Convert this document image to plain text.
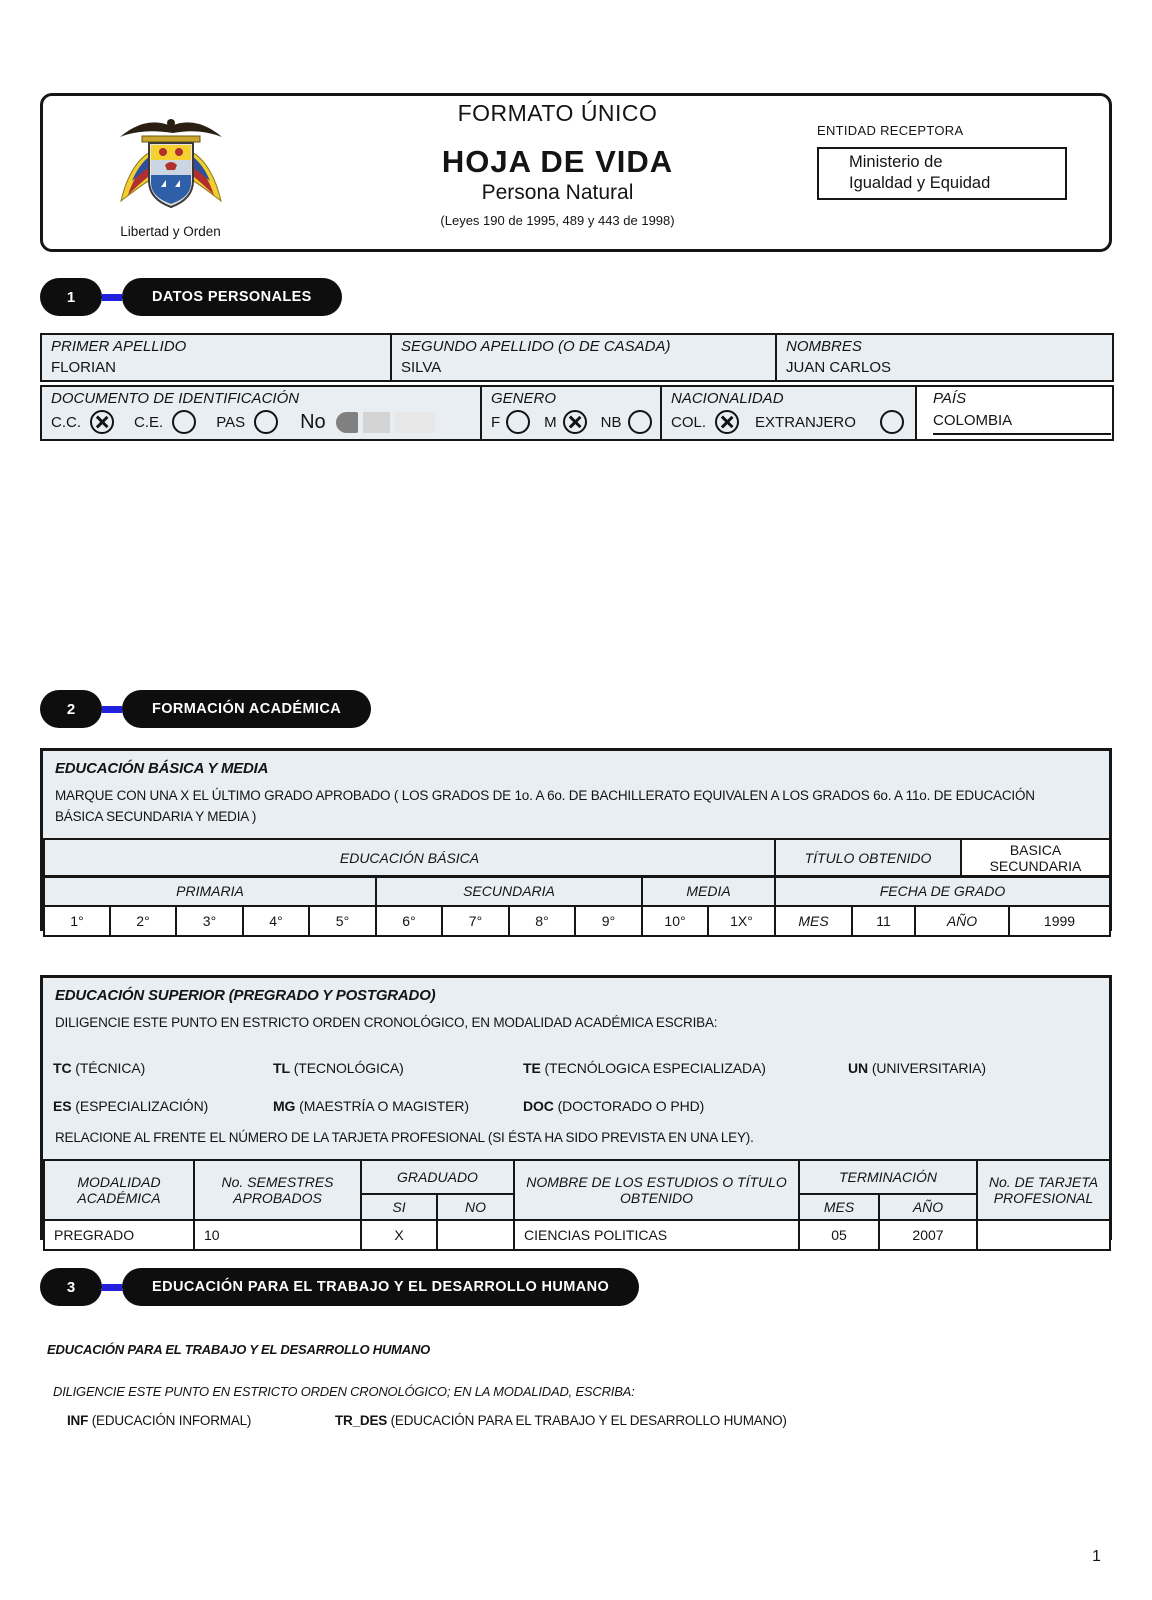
Libertad y Orden
FORMATO ÚNICO
HOJA DE VIDA
Persona Natural
(Leyes 190 de 1995, 489 y 443 de 1998)
ENTIDAD RECEPTORA
Ministerio de
Igualdad y Equidad
1	DATOS PERSONALES
PRIMER APELLIDO
FLORIAN

SEGUNDO APELLIDO (O DE CASADA)
SILVA

NOMBRES
JUAN CARLOS
DOCUMENTO DE IDENTIFICACIÓN
C.C.	C.E.	PAS	No

GENERO
F	M	NB

NACIONALIDAD
COL.	EXTRANJERO

PAÍS
COLOMBIA
2	FORMACIÓN ACADÉMICA
EDUCACIÓN BÁSICA Y MEDIA
MARQUE CON UNA X EL ÚLTIMO GRADO APROBADO ( LOS GRADOS DE 1o. A 6o. DE BACHILLERATO EQUIVALEN A LOS GRADOS 6o. A 11o. DE EDUCACIÓN BÁSICA SECUNDARIA Y MEDIA )
EDUCACIÓN BÁSICA	TÍTULO OBTENIDO	BASICA SECUNDARIA
PRIMARIA	SECUNDARIA	MEDIA	FECHA DE GRADO
1°	2°	3°	4°	5°	6°	7°	8°	9°	10°	1X°	MES	11	AÑO	1999
EDUCACIÓN SUPERIOR (PREGRADO Y POSTGRADO)
DILIGENCIE ESTE PUNTO EN ESTRICTO ORDEN CRONOLÓGICO, EN MODALIDAD ACADÉMICA ESCRIBA:
TC (TÉCNICA)	TL (TECNOLÓGICA)	TE (TECNÓLOGICA ESPECIALIZADA)	UN (UNIVERSITARIA)
ES (ESPECIALIZACIÓN)	MG (MAESTRÍA O MAGISTER)	DOC (DOCTORADO O PHD)
RELACIONE AL FRENTE EL NÚMERO DE LA TARJETA PROFESIONAL (SI ÉSTA HA SIDO PREVISTA EN UNA LEY).
MODALIDAD ACADÉMICA	No. SEMESTRES APROBADOS	GRADUADO		NOMBRE DE LOS ESTUDIOS O TÍTULO OBTENIDO	TERMINACIÓN		No. DE TARJETA PROFESIONAL
		SI	NO		MES	AÑO	
PREGRADO	10	X		CIENCIAS POLITICAS	05	2007	
3	EDUCACIÓN PARA EL TRABAJO Y EL DESARROLLO HUMANO
EDUCACIÓN PARA EL TRABAJO Y EL DESARROLLO HUMANO
DILIGENCIE ESTE PUNTO EN ESTRICTO ORDEN CRONOLÓGICO; EN LA MODALIDAD, ESCRIBA:
INF (EDUCACIÓN INFORMAL)	TR_DES (EDUCACIÓN PARA EL TRABAJO Y EL DESARROLLO HUMANO)
1
